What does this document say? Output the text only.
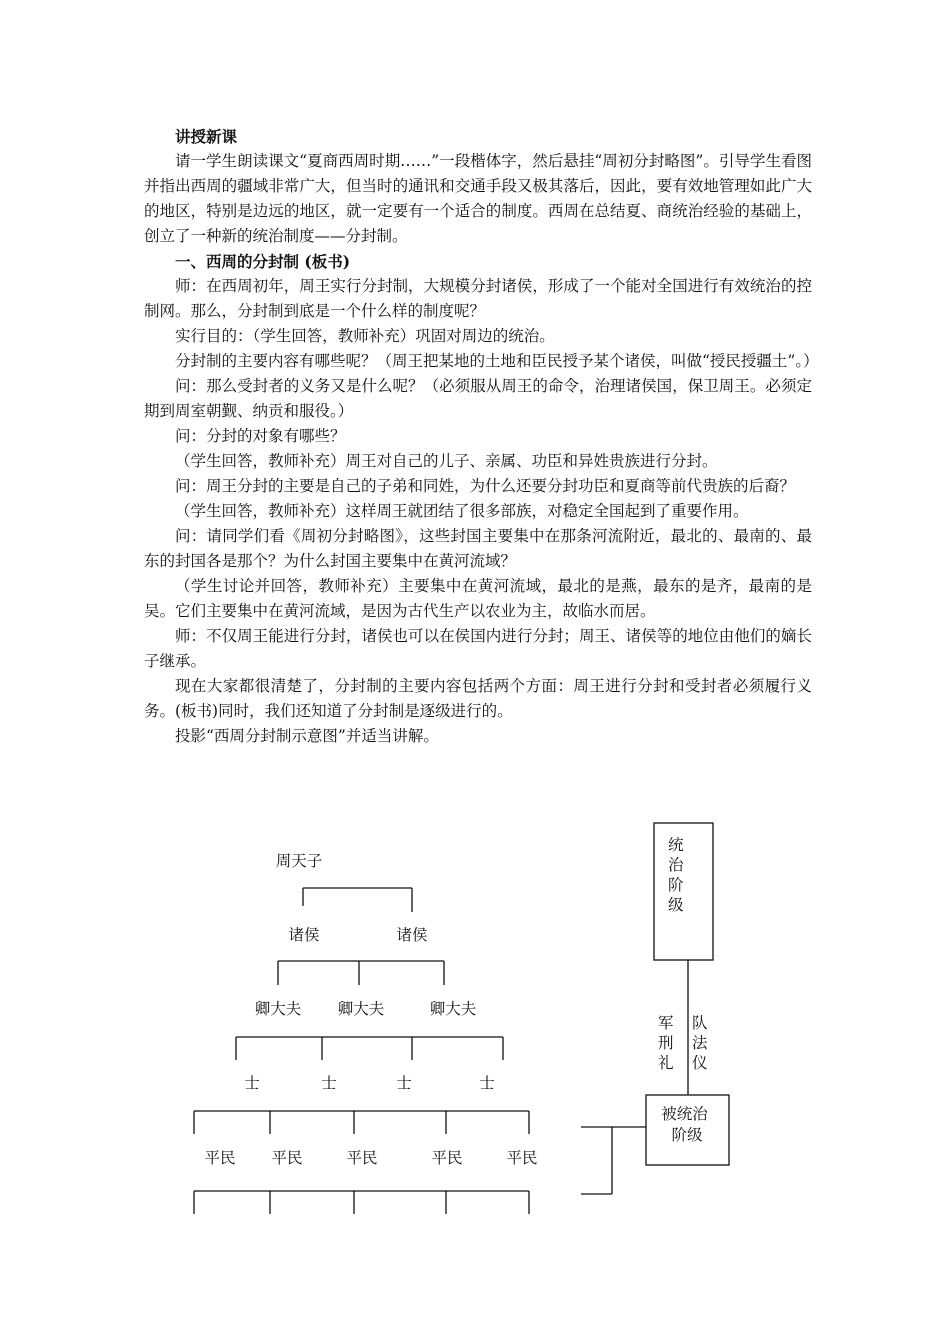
讲授新课

请一学生朗读课文“夏商西周时期……”一段楷体字，然后悬挂“周初分封略图”。引导学生看图并指出西周的疆域非常广大，但当时的通讯和交通手段又极其落后，因此，要有效地管理如此广大的地区，特别是边远的地区，就一定要有一个适合的制度。西周在总结夏、商统治经验的基础上，创立了一种新的统治制度——分封制。

一、西周的分封制 (板书)

师：在西周初年，周王实行分封制，大规模分封诸侯，形成了一个能对全国进行有效统治的控制网。那么，分封制到底是一个什么样的制度呢？

实行目的：（学生回答，教师补充）巩固对周边的统治。

分封制的主要内容有哪些呢？（周王把某地的土地和臣民授予某个诸侯，叫做“授民授疆土”。）

问：那么受封者的义务又是什么呢？（必须服从周王的命令，治理诸侯国，保卫周王。必须定期到周室朝觐、纳贡和服役。）

问：分封的对象有哪些？

（学生回答，教师补充）周王对自己的儿子、亲属、功臣和异姓贵族进行分封。

问：周王分封的主要是自己的子弟和同姓，为什么还要分封功臣和夏商等前代贵族的后裔？

（学生回答，教师补充）这样周王就团结了很多部族，对稳定全国起到了重要作用。

问：请同学们看《周初分封略图》，这些封国主要集中在那条河流附近，最北的、最南的、最东的封国各是那个？为什么封国主要集中在黄河流域？

（学生讨论并回答，教师补充）主要集中在黄河流域，最北的是燕，最东的是齐，最南的是吴。它们主要集中在黄河流域，是因为古代生产以农业为主，故临水而居。

师：不仅周王能进行分封，诸侯也可以在侯国内进行分封；周王、诸侯等的地位由他们的嫡长子继承。

现在大家都很清楚了，分封制的主要内容包括两个方面：周王进行分封和受封者必须履行义务。(板书)同时，我们还知道了分封制是逐级进行的。

投影“西周分封制示意图”并适当讲解。

周天子
诸侯	诸侯
卿大夫 卿大夫	卿大夫
士	士	士	士
平民 平民	平民	平民	平民
统治阶级
军刑礼
队法仪
被统治 阶级
